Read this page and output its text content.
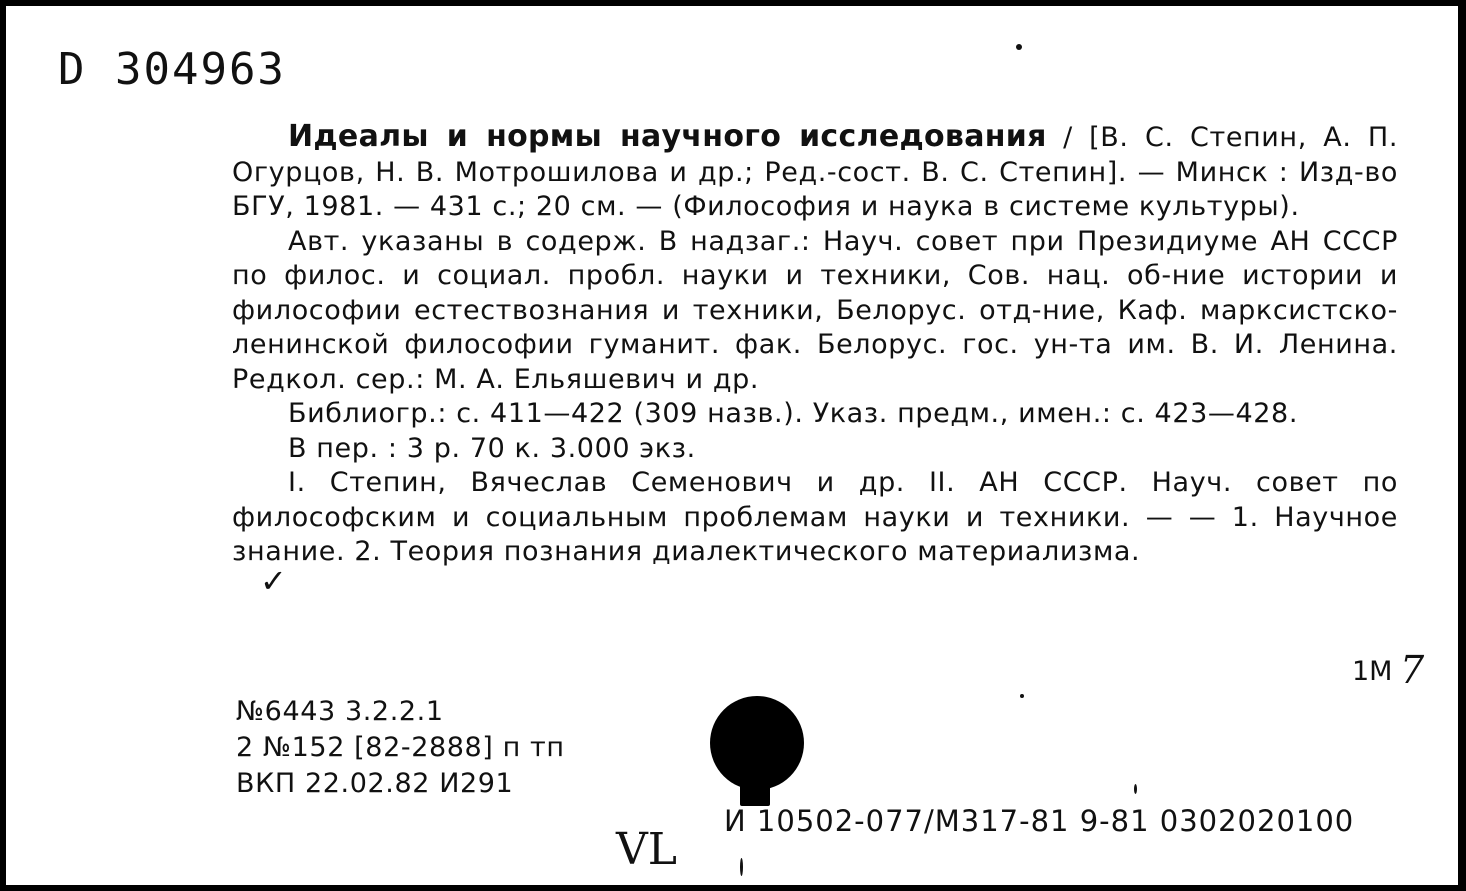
D 304963

Идеалы и нормы научного исследования / [В. С. Степин, А. П. Огурцов, Н. В. Мотрошилова и др.; Ред.-сост. В. С. Степин]. — Минск : Изд-во БГУ, 1981. — 431 с.; 20 см. — (Философия и наука в системе культуры).

Авт. указаны в содерж. В надзаг.: Науч. совет при Президиуме АН СССР по филос. и социал. пробл. науки и техники, Сов. нац. об-ние истории и философии естествознания и техники, Белорус. отд-ние, Каф. марксистско-ленинской философии гуманит. фак. Белорус. гос. ун-та им. В. И. Ленина. Редкол. сер.: М. А. Ельяшевич и др.

Библиогр.: с. 411—422 (309 назв.). Указ. предм., имен.: с. 423—428.

В пер. : 3 р. 70 к. 3.000 экз.

I. Степин, Вячеслав Семенович и др. II. АН СССР. Науч. совет по философским и социальным проблемам науки и техники. — — 1. Научное знание. 2. Теория познания диалектического материализма.

✓
1М 7
№6443 3.2.2.1
2 №152 [82-2888] п тп
ВКП 22.02.82 И291
И 10502-077/М317-81 9-81 0302020100
VL
